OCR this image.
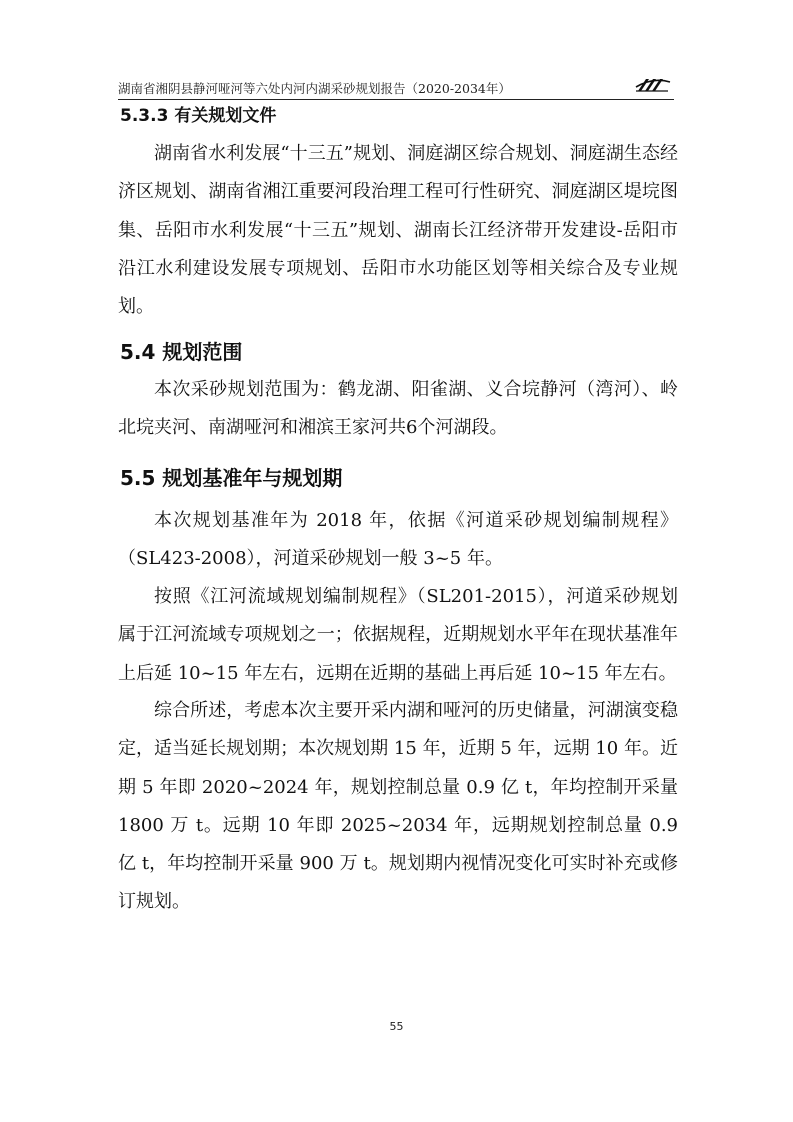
湖南省湘阴县静河哑河等六处内河内湖采砂规划报告（2020-2034年）
5.3.3 有关规划文件

湖南省水利发展“十三五”规划、洞庭湖区综合规划、洞庭湖生态经济区规划、湖南省湘江重要河段治理工程可行性研究、洞庭湖区堤垸图集、岳阳市水利发展“十三五”规划、湖南长江经济带开发建设-岳阳市沿江水利建设发展专项规划、岳阳市水功能区划等相关综合及专业规划。

5.4 规划范围

本次采砂规划范围为：鹤龙湖、阳雀湖、义合垸静河（湾河）、岭北垸夹河、南湖哑河和湘滨王家河共6个河湖段。

5.5 规划基准年与规划期

本次规划基准年为 2018 年，依据《河道采砂规划编制规程》（SL423-2008），河道采砂规划一般 3~5 年。

按照《江河流域规划编制规程》（SL201-2015），河道采砂规划属于江河流域专项规划之一；依据规程，近期规划水平年在现状基准年上后延 10~15 年左右，远期在近期的基础上再后延 10~15 年左右。

综合所述，考虑本次主要开采内湖和哑河的历史储量，河湖演变稳定，适当延长规划期；本次规划期 15 年，近期 5 年，远期 10 年。近期 5 年即 2020~2024 年，规划控制总量 0.9 亿 t，年均控制开采量 1800 万 t。远期 10 年即 2025~2034 年，远期规划控制总量 0.9 亿 t，年均控制开采量 900 万 t。规划期内视情况变化可实时补充或修订规划。

55
